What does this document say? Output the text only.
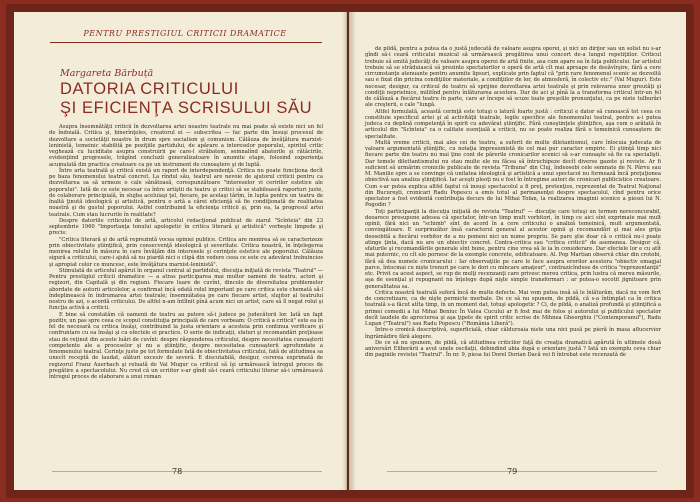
PENTRU PRESTIGIUL CRITICII DRAMATICE
Margareta Bărbuță
DATORIA CRITICULUI
ŞI EFICIENŢA SCRISULUI SĂU

Asupra însemnătăţii criticii în dezvoltarea artei noastre teatrale nu mai poate să existe nici un fel de îndoială. Critica şi, binerînţeles, creatorul ei — subscritea — fac parte din însuşi procesul de dezvoltare a societăţii noastre în drum spre socialism şi comunism. Călăuza de învăţătura marxist-leninistă, temeinic stabilită pe poziţiile partidului, de apărare a intereselor poporului, spiritul critic veghează cu luciditate asupra construirii pe care-l străbatem, semnalînd abaterile şi rătăcirile, evidenţiind progresele, trăgînd concluzii generalizatoare în anumite etape, folosind experienţa acumulată din practica creatoare ca pe un instrument de cunoaştere şi de luptă.

Între arta teatrală şi critică există un raport de interdependenţă. Critica nu poate funcţiona decît pe baza fenomenului teatral concret. La rîndul său, teatrul are nevoie de ajutorul criticii pentru ca dezvoltarea sa să urmeze o cale sănătoasă, corespunzătoare "intereselor vi ceririlor estetice ale poporului". Iată de ce este necesar ca între artiştii de teatru şi critici să se stabilească raporturi juste, de colaborare principială, în slujba aceluiaşi ţel, fiecare, pe acelaşi tărîm, în lupta pentru un teatru de înaltă ţinută ideologică şi artistică, pentru o artă a cărei eficienţă să fie condiţionată de realitatea noastră şi de gustul poporului. Astfel contribuind la eficienţa criticii şi, prin ea, la progresul artei teatrale. Cum stau lucrurile în realitate?

Despre datoriile criticului de artă, articolul redacţional publicat de ziarul "Scînteia" din 23 septembrie 1960 "Importanţa tonului apologetic în critica literară şi artistică" vorbeşte limpede şi precis:

"Critica literară şi de artă reprezintă vocea opiniei publice. Critica are menirea să se caracterizeze prin obiectivitate ştiinţifică, prin consecvenţă ideologică şi severitate. Critica noastră, în înţelegerea menirea rolului în măsura în care învăţăm din interesele şi cerinţele estetice ale poporului. Călăuza sigură a criticului, care-i ajută să nu piardă nici o clipă din vedere ceea ce este cu adevărat trebuincios şi apropiat celor ce muncesc, este învăţătura marxist-leninistă".

Stimulată de articolul apărut în organul central al partidului, discuţia iniţiată de revista "Teatrul" — Pentru prestigiul criticii dramatice — a atras participarea mai multor oameni de teatru, actori şi regizori, din Capitală şi din regiuni. Fiecare luare de cuvînt, dincolo de diversitatea problemelor abordate de autorii articolelor, a confirmat încă odată rolul important pe care critica este chemată să-l îndeplinească în îndrumarea artei teatrale; însemnătatea pe care fiecare artist, slujitor al teatrului nostru de azi, o acordă criticului. De altfel n-am întîlnit pînă acum nici un artist, care să îl negat rolul şi funcţia activă a criticii.

E bine să constatăm că oamenii de teatru au putere să-i judece pe judecătorii lor. Iată un fapt pozitiv, un pas spre ceea ce scopul constituţia principală de care vorbeam: O critică a criticii" este ea în fel de necesară ca critica însăşi, contribuind la justa orientare a acesteia prin continua verificare şi confruntare cu ea însăşi şi cu efectele ei practice. O serie de indicaţii, sfaturi şi recomandări preţioase stau de reţinut din aceste luări de cuvînt: despre răspunderea criticului, despre necesitatea cunoaşterii competente ale a proceselor şi nu a ştiinţific, despre necesitatea cunoaşterii aprofundate a fenomenului teatral. Cerinţe juste pe tot formulate fată de obiectivitatea criticului, fată de atitudinea sa unecît receptă de laudat, alături excesiv de severă. E discutabilă, desigur, cererea exprimată de regizorul Franz Auerbach şi reluată de Val Mugur ca criticul să îşi urmărească întregul proces de pregătire a spectacolului. Nu cred că un scriitor s-ar gîndi să-i ceară criticului literar să-i urmărească întregul proces de elaborare a unui roman

78

de pildă, pentru a putea da o justă judecată de valoare asupra operei, şi nici un dirijor sau un solist nu s-ar gîndi să-i ceară criticului muzical să urmărească pregătirea unui concert de-a lungul repetiţiilor. Criticul trebuie să emită judecăţi de valoare asupra operei de artă finite, asa cum apare ea în faţa publicului. Iar artistul trebuie să se străduiască să prezinte spectatorilor o operă de artă cît mai aproape de desăvîrşire, fără a cere circumstanţe atenuante pentru anumite lipsuri, explicate prin faptul că "prin rare fenomenul scenic se dezvoltă sau e fixat din pricina condiţiilor materiale, a condiţiilor de lor, de atmosferă, în colectiv etc." (Val Mugur). Este necesar, desigur, ca criticul de teatru să sprijine dezvoltarea artei teatrale şi prin relevarea unor greutăţi şi condiţii neprielnice, militînd pentru înlăturarea acestora. Dar de aci şi pînă la a transforma criticul într-un fel de călăuză a fiecărui teatru în parte, care ar începe să scuze toate greşelile pronunţului, ca pe niste tulburări ale creşterii, e cale "lungă.

Altfel formulată, această cerinţă este totuşi o latură foarte justă : criticul e dator să cunoască tot ceea ce constituie specificul artei şi al activităţii teatrale, legile specifice ale fenomenului teatral, pentru a-i putea judeca cu deplină competenţă în spirit cu adevărat ştiinţific. Fără cunoştinţele ştiinţifice, aşa cum o arătată în articolul din "Scînteia" ca o calitate esenţială a criticii, nu se poate realiza fără o temeinică cunoaştere de specialitate.

Multă vreme criticii, mai ales cei de teatru, a suferit de multe diletantismul, care înlocuia judecata de valoare argumentată ştiinţific, cu notaţia impresionistă de cel mai pur caracter empiric. Ei ştiinţă timp nici fiecare parte din teatru nu mai ţine cont de părerile cronicarilor scenici să s-ar cunoaşte să fie ca specialişti. Dar temele dilettantismului nu stau multe ele nu făcea să întruchipeze decît diverse gazete şi reviste. Ar fi suficient să urmărim cronicile publicate de revista "Tribuna" din Cluj, îndeosebi cele semnate de N. Pârvu sau M. Manilie spre a se convinge că unitatea ideologică şi artistică a unui spectacol nu formează încă preţuţionea obiectivă sau analiza ştiinţifică. Iar aceşti pleoţi nu e fost în întregime autori de cronicari publicistice creatoare. Cum s-ar putea explica altfel faptul că insuşi spectacolul a fi preţ, pretenţios, reprezentat de Teatrul Naţional din Bucureşti, cronicari Radu Popescu a emis totul al permanenţei despre spectacolul, cînd pentru orice spectator a fost evidentă contribuţia decurs de lui Mihai Tofan, la realizarea imaginii scenice a piesei lui N. Pogodin ?

Toţi participanţii la discuţia iniţiată de revista "Teatrul" — discuţie care totuşi un termen nereconcurabil, deoarece presupune adesea că spectator, într-un timp mult vorbitori, în timp ce aici sînt exprimate mai mult opinii, fără nici un "schimb" sînt de acord în a cere criticului o analiză temeinică, mult argumentată, convingătoare. E surprinzător însă caracterul general al acestor opinii şi recomandări şi mai ales grija deosebită a fiecărui vorbitor de a nu pomeni nici un nume propriu. Se pare ştie doar că o critică nu-i poate atinge ţinta, dacă nu are un obiectiv concret. Contra-critica sau "critica criticii" de asemenea. Desigur că, sfaturile şi recomandările generale sînt bune, pentru cine vrea să le ia în considerare. Dar efectele lor e cu atît mai puternic, cu cît ele pornesc de la exemple concrete, edificatoare. Al. Pop Martian observă chiar din crotobi, fără să dea numele cronicarului : Iar observaţiile pe care le face asupra erorilor acestora "obiectiv emagjal parce, întocmai cu niște trenuri pe care le dori cu mîncare amaţeur", contrazicînduse de critica "reprezentanţii" etc. Privit ca acest aspect, se rup de mulţi recenzanţi care privesc mereu critica, prin lustra că mereu măsurile, aşa de esenţial şi repugnant nu înţelege după nişte simple transformari : ar putea-o socotit jignitoare prin generalitatea sa.

Critica noastră teatrală suferă încă de multe defecte. Mai vom putea insă să le înlăturăm, dacă nu vom fert de concretizare, ca de nişte permicte morbale. De ce să nu spunem, de pildă, că s-a întîmplat ca în critica teatrală s-a făcut atîta timp, în un moment dat, totuşi apologetic ? Ci, de pildă, o analiză profundă şi ştiinţifică a primei comedii a lui Mihai Beniuc În Valea Cucului ar fi fost mai de folos şi autorului şi publicului spectator decît laudele de aprecierea şi aşa ţipete de spirit critic scrise de Mihnea Gheorghiu ("Contemporanul"), Radu Lupan ("Teatrul") sau Radu Popescu ("România Liberă").

Între-o cronică descriptivă, superficială, chiar călduroaia niste una nici pusă pe pieră în masa aflucervior îngrămădire fără alegere.

De ce să nu spunem, de pildă, că atitudinea criticilor faţă de creaţia dramatică apărută în ultimele două aniversări Eliberării a avut unele oscilaţii, debindind abia după o orientare justă ? Iată un exemplu ceva chiar din paginile revistei "Teatrul". În nr. 9, piesa lui Dorel Dorian Dacă vei fi întrebat este recenzată de

79
